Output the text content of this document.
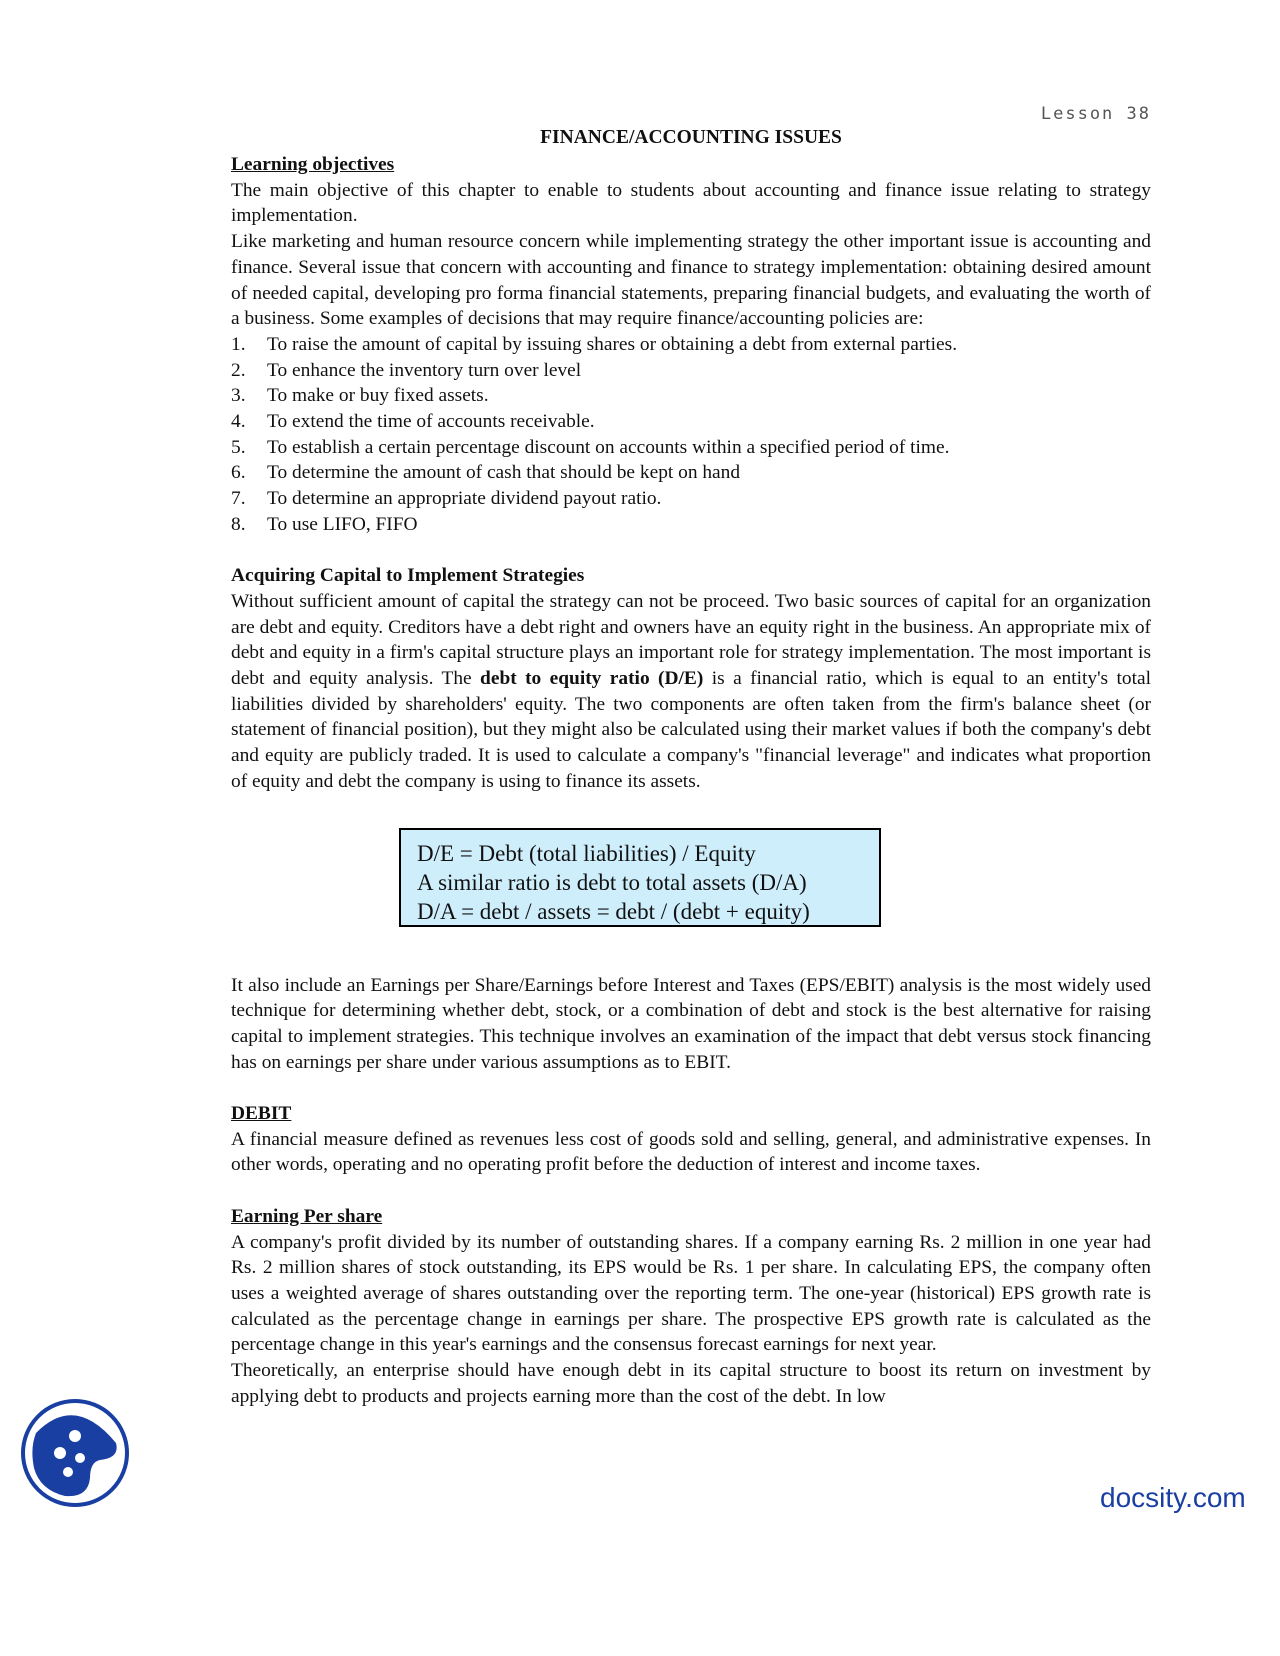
Lesson 38
FINANCE/ACCOUNTING ISSUES

Learning objectives

The main objective of this chapter to enable to students about accounting and finance issue relating to strategy implementation.

Like marketing and human resource concern while implementing strategy the other important issue is accounting and finance. Several issue that concern with accounting and finance to strategy implementation: obtaining desired amount of needed capital, developing pro forma financial statements, preparing financial budgets, and evaluating the worth of a business. Some examples of decisions that may require finance/accounting policies are:

1.	To raise the amount of capital by issuing shares or obtaining a debt from external parties.
2.	To enhance the inventory turn over level
3.	To make or buy fixed assets.
4.	To extend the time of accounts receivable.
5.	To establish a certain percentage discount on accounts within a specified period of time.
6.	To determine the amount of cash that should be kept on hand
7.	To determine an appropriate dividend payout ratio.
8.	To use LIFO, FIFO

Acquiring Capital to Implement Strategies

Without sufficient amount of capital the strategy can not be proceed. Two basic sources of capital for an organization are debt and equity. Creditors have a debt right and owners have an equity right in the business. An appropriate mix of debt and equity in a firm's capital structure plays an important role for strategy implementation. The most important is debt and equity analysis. The debt to equity ratio (D/E) is a financial ratio, which is equal to an entity's total liabilities divided by shareholders' equity. The two components are often taken from the firm's balance sheet (or statement of financial position), but they might also be calculated using their market values if both the company's debt and equity are publicly traded. It is used to calculate a company's "financial leverage" and indicates what proportion of equity and debt the company is using to finance its assets.

D/E = Debt (total liabilities) / Equity
A similar ratio is debt to total assets (D/A)
D/A = debt / assets = debt / (debt + equity)

It also include an Earnings per Share/Earnings before Interest and Taxes (EPS/EBIT) analysis is the most widely used technique for determining whether debt, stock, or a combination of debt and stock is the best alternative for raising capital to implement strategies. This technique involves an examination of the impact that debt versus stock financing has on earnings per share under various assumptions as to EBIT.

DEBIT

A financial measure defined as revenues less cost of goods sold and selling, general, and administrative expenses. In other words, operating and no operating profit before the deduction of interest and income taxes.

Earning Per share

A company's profit divided by its number of outstanding shares. If a company earning Rs. 2 million in one year had Rs. 2 million shares of stock outstanding, its EPS would be Rs. 1 per share. In calculating EPS, the company often uses a weighted average of shares outstanding over the reporting term. The one-year (historical) EPS growth rate is calculated as the percentage change in earnings per share. The prospective EPS growth rate is calculated as the percentage change in this year's earnings and the consensus forecast earnings for next year.

Theoretically, an enterprise should have enough debt in its capital structure to boost its return on investment by applying debt to products and projects earning more than the cost of the debt. In low

docsity.com
